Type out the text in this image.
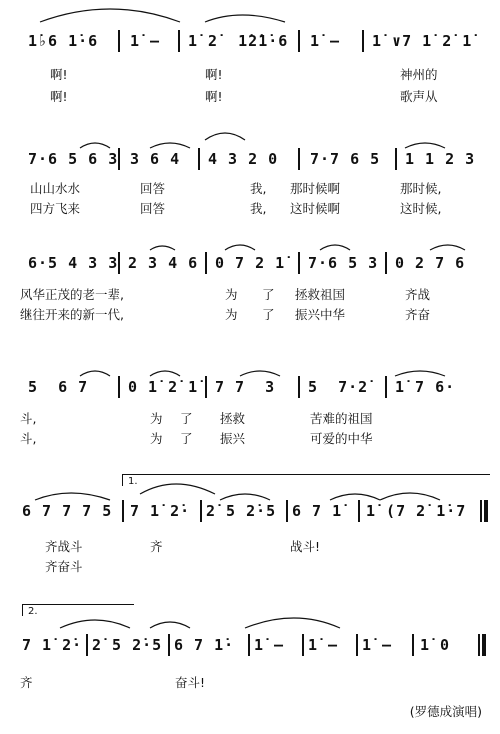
1̇♭6 1̇·6 1̇ – 1̇ 2̇  1̇2̇1̇·6 1̇ – 1̇ ∨7 1̇ 2̇ 1̇
啊!	啊!	神州的
啊!	啊!	歌声从
7·6 5 6 3 3 6 4 4 3 2 0 7·7 6 5 1 1 2 3
山山水水	回答	我, 那时候啊	那时候,
四方飞来	回答	我, 这时候啊	这时候,
6·5 4 3 3 2 3 4 6 0 7 2 1̇ 7·6 5 3 0 2 7 6
风华正茂的老一辈,	为 了 拯救祖国	齐战
继往开来的新一代,	为 了 振兴中华	齐奋
5  6 7	0 1̇ 2̇ 1̇ 7 7  3 5  7·2̇ 1̇ 7 6·
斗,	为 了 拯救	苦难的祖国
斗,	为 了 振兴	可爱的中华
1.
6 7 7 7 5 7 1̇ 2̇· 2̇ 5 2̇·5 6 7 1̇ 1̇ (7 2̇ 1̇·7
齐战斗	齐	战斗!
齐奋斗
2.
7 1̇ 2̇· 2̇ 5 2̇·5 6 7 1̇· 1̇ – 1̇ – 1̇ – 1̇ 0
齐	奋斗!
(罗德成演唱)
